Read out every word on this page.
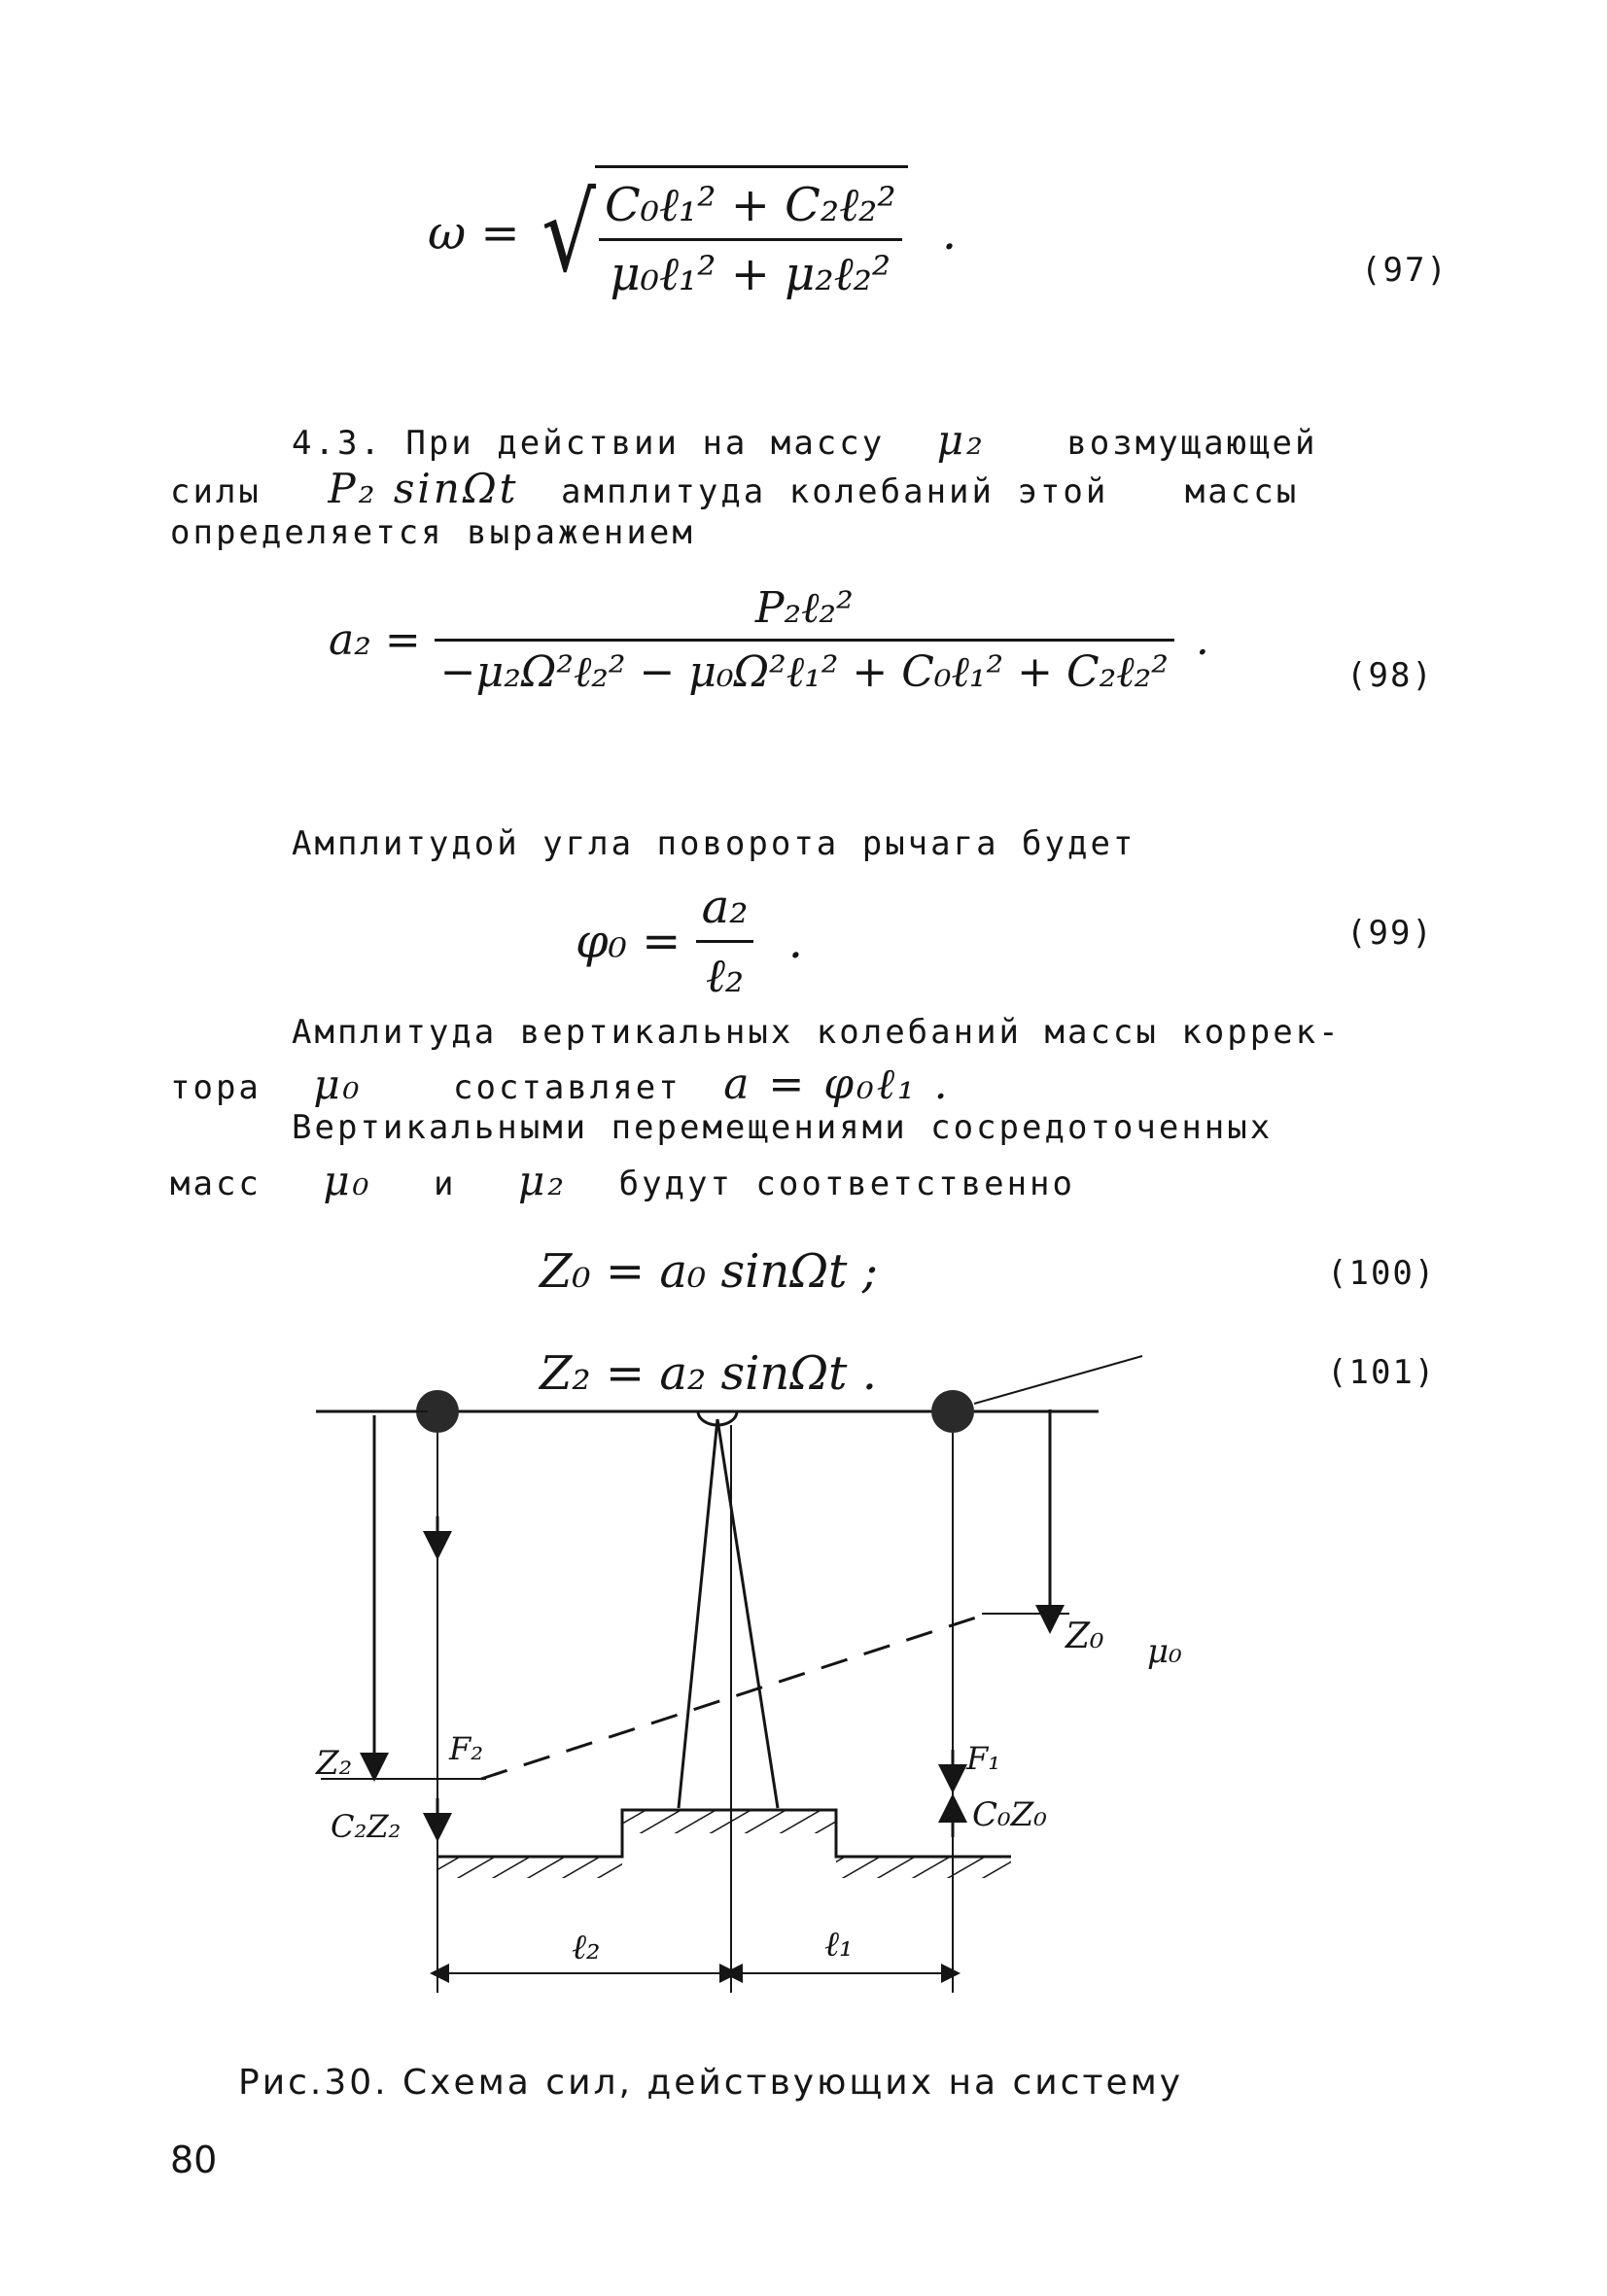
ω = √ $\frac{\text{C₀ℓ₁² + C₂ℓ₂²}}{\text{μ₀ℓ₁² + μ₂ℓ₂²}}$ .
(97)
4.3. При действии на массу μ₂ возмущающей
силы P₂ sinΩt амплитуда колебаний этой массы
определяется выражением
$a_2 = \frac{\text{P₂ℓ₂²}}{\text{−μ₂Ω²ℓ₂² − μ₀Ω²ℓ₁² + C₀ℓ₁² + C₂ℓ₂²}}$ .
(98)
Амплитудой угла поворота рычага будет
$\varphi_0 = \frac{\text{a₂}}{\text{ℓ₂}}$ .	(99)
Амплитуда вертикальных колебаний массы коррек-
тора μ₀	составляет a = φ₀ℓ₁ .
Вертикальными перемещениями сосредоточенных
масс μ₀ и μ₂ будут соответственно
Z₀ = a₀ sinΩt ;	(100)
Z₂ = a₂ sinΩt .	(101)
Z₀ μ₀
Z₂	F₂	F₁
C₂Z₂	C₀Z₀
ℓ₂	ℓ₁
Рис.30. Схема сил, действующих на систему
80
